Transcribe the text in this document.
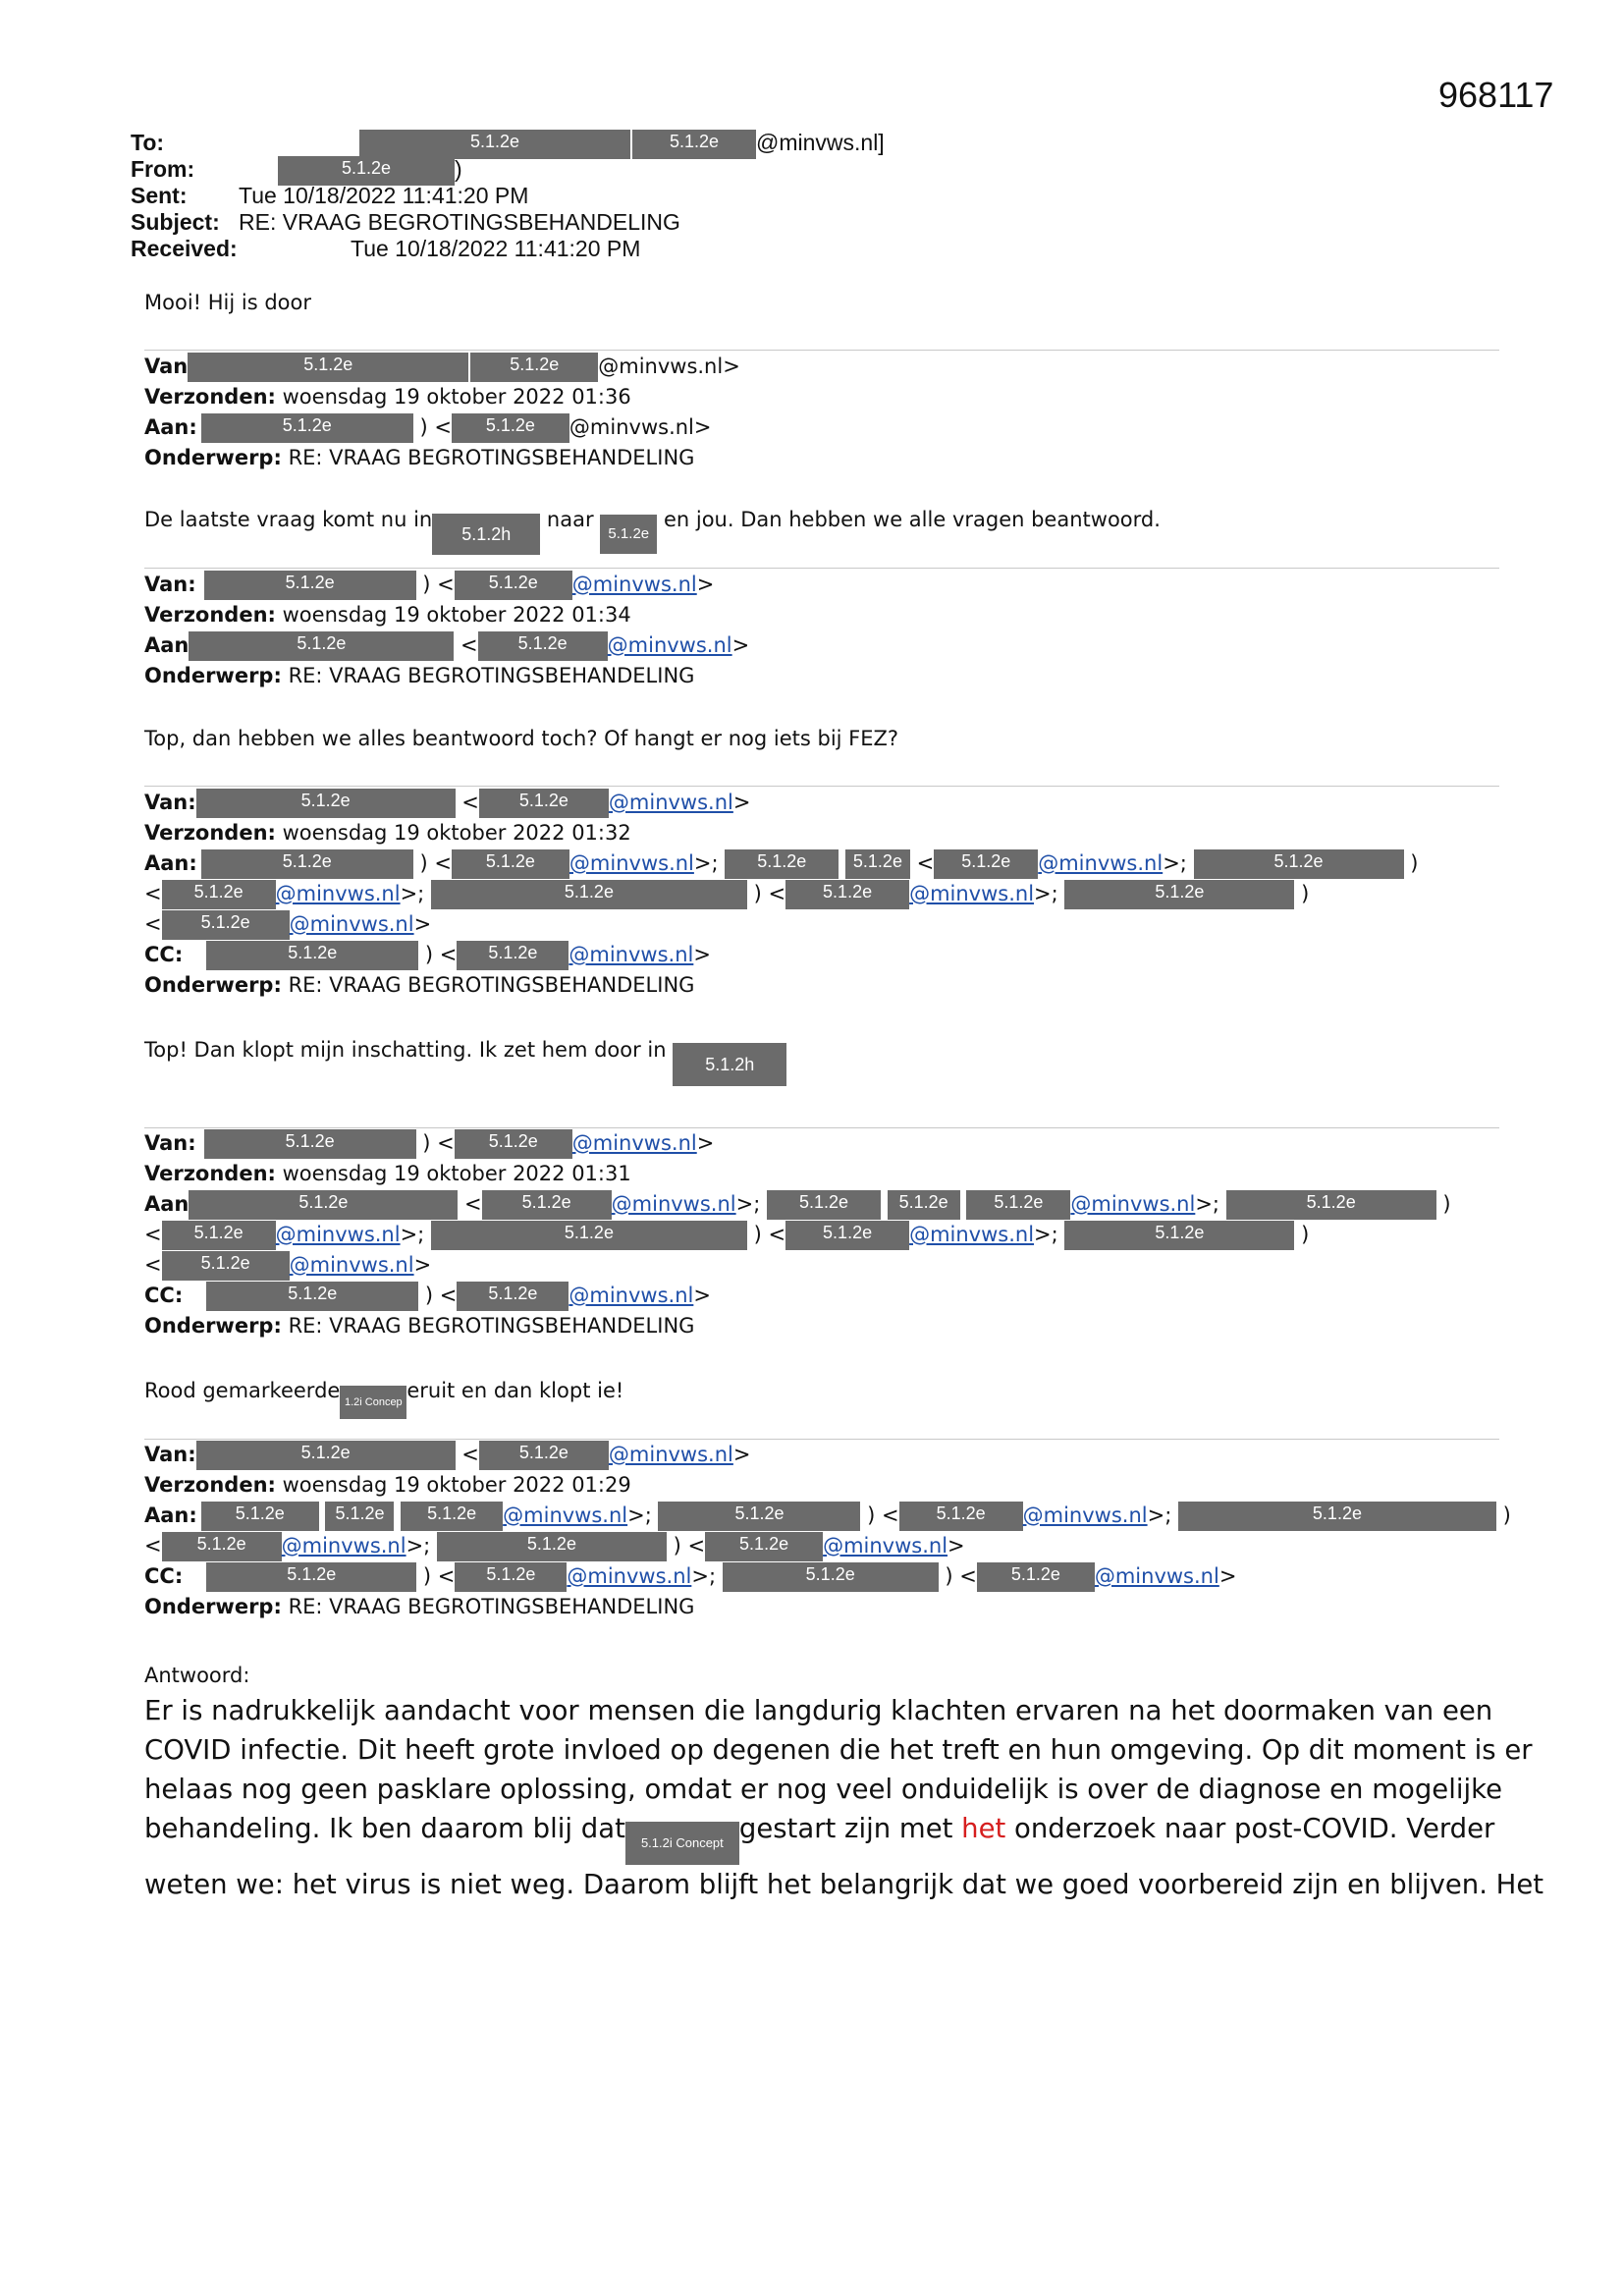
968117
To:	5.1.2e	5.1.2e @minvws.nl]
From:	5.1.2e	)
Sent: Tue 10/18/2022 11:41:20 PM
Subject: RE: VRAAG BEGROTINGSBEHANDELING
Received:	Tue 10/18/2022 11:41:20 PM
Mooi! Hij is door
Van	5.1.2e	5.1.2e @minvws.nl>
Verzonden: woensdag 19 oktober 2022 01:36
Aan:	5.1.2e	) < 5.1.2e @minvws.nl>
Onderwerp: RE: VRAAG BEGROTINGSBEHANDELING
De laatste vraag komt nu in5.1.2h naar 5.1.2e en jou. Dan hebben we alle vragen beantwoord.
Van:	5.1.2e	) < 5.1.2e @minvws.nl>
Verzonden: woensdag 19 oktober 2022 01:34
Aan	5.1.2e	< 5.1.2e @minvws.nl>
Onderwerp: RE: VRAAG BEGROTINGSBEHANDELING
Top, dan hebben we alles beantwoord toch? Of hangt er nog iets bij FEZ?
Van:	5.1.2e	< 5.1.2e @minvws.nl>
Verzonden: woensdag 19 oktober 2022 01:32
Aan:	5.1.2e	) < 5.1.2e @minvws.nl>; 5.1.2e	5.1.2e < 5.1.2e @minvws.nl>;	5.1.2e	)
< 5.1.2e @minvws.nl>;	5.1.2e	) < 5.1.2e @minvws.nl>;	5.1.2e	)
< 5.1.2e @minvws.nl>
CC:	5.1.2e	) < 5.1.2e @minvws.nl>
Onderwerp: RE: VRAAG BEGROTINGSBEHANDELING
Top! Dan klopt mijn inschatting. Ik zet hem door in 5.1.2h
Van:	5.1.2e	) < 5.1.2e @minvws.nl>
Verzonden: woensdag 19 oktober 2022 01:31
Aan	5.1.2e	< 5.1.2e @minvws.nl>; 5.1.2e	5.1.2e	5.1.2e @minvws.nl>;	5.1.2e	)
< 5.1.2e @minvws.nl>;	5.1.2e	) < 5.1.2e @minvws.nl>;	5.1.2e	)
< 5.1.2e @minvws.nl>
CC:	5.1.2e	) < 5.1.2e @minvws.nl>
Onderwerp: RE: VRAAG BEGROTINGSBEHANDELING
Rood gemarkeerde 1.2i Concep eruit en dan klopt ie!
Van:	5.1.2e	< 5.1.2e @minvws.nl>
Verzonden: woensdag 19 oktober 2022 01:29
Aan: 5.1.2e	5.1.2e 5.1.2e @minvws.nl>;	5.1.2e	) < 5.1.2e @minvws.nl>;	5.1.2e	)
< 5.1.2e @minvws.nl>;	5.1.2e	) < 5.1.2e @minvws.nl>
CC:	5.1.2e	) < 5.1.2e @minvws.nl>;	5.1.2e	) < 5.1.2e @minvws.nl>
Onderwerp: RE: VRAAG BEGROTINGSBEHANDELING
Antwoord:
Er is nadrukkelijk aandacht voor mensen die langdurig klachten ervaren na het doormaken van een
COVID infectie. Dit heeft grote invloed op degenen die het treft en hun omgeving. Op dit moment is er
helaas nog geen pasklare oplossing, omdat er nog veel onduidelijk is over de diagnose en mogelijke
behandeling. Ik ben daarom blij dat 5.1.2i Concept gestart zijn met het onderzoek naar post-COVID. Verder
weten we: het virus is niet weg. Daarom blijft het belangrijk dat we goed voorbereid zijn en blijven. Het
